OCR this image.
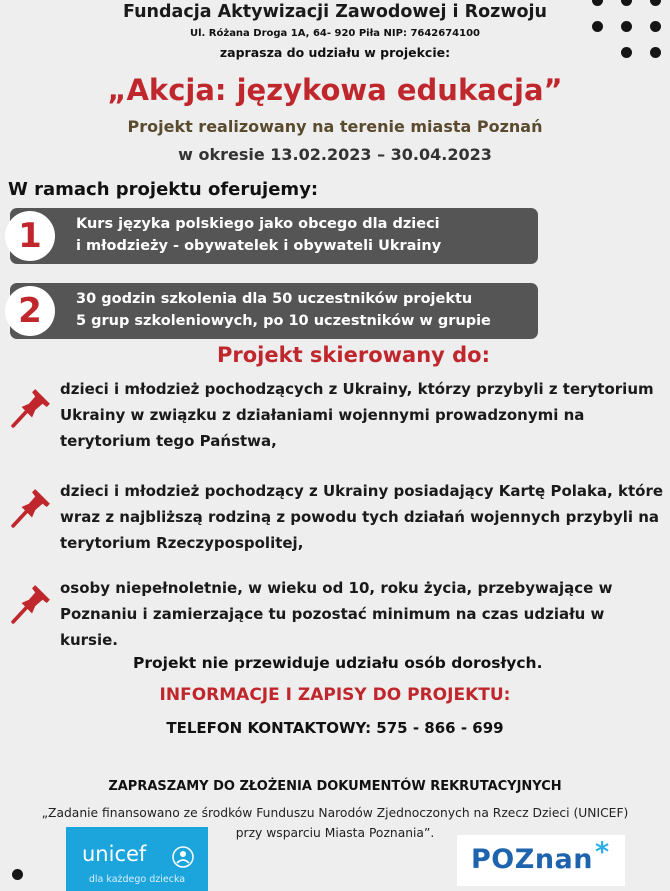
Fundacja Aktywizacji Zawodowej i Rozwoju
Ul. Różana Droga 1A, 64- 920 Piła NIP: 7642674100
zaprasza do udziału w projekcie:
„Akcja: językowa edukacja”
Projekt realizowany na terenie miasta Poznań
w okresie 13.02.2023 – 30.04.2023
W ramach projektu oferujemy:
1	Kurs języka polskiego jako obcego dla dzieci
i młodzieży - obywatelek i obywateli Ukrainy
2	30 godzin szkolenia dla 50 uczestników projektu
5 grup szkoleniowych, po 10 uczestników w grupie
Projekt skierowany do:
dzieci i młodzież pochodzących z Ukrainy, którzy przybyli z terytorium Ukrainy w związku z działaniami wojennymi prowadzonymi na terytorium tego Państwa,
dzieci i młodzież pochodzący z Ukrainy posiadający Kartę Polaka, które wraz z najbliższą rodziną z powodu tych działań wojennych przybyli na terytorium Rzeczypospolitej,
osoby niepełnoletnie, w wieku od 10, roku życia, przebywające w Poznaniu i zamierzające tu pozostać minimum na czas udziału w kursie.
Projekt nie przewiduje udziału osób dorosłych.
INFORMACJE I ZAPISY DO PROJEKTU:
TELEFON KONTAKTOWY: 575 - 866 - 699
ZAPRASZAMY DO ZŁOŻENIA DOKUMENTÓW REKRUTACYJNYCH
„Zadanie finansowano ze środków Funduszu Narodów Zjednoczonych na Rzecz Dzieci (UNICEF)
przy wsparciu Miasta Poznania”.
unicef
dla każdego dziecka
POZnan *
